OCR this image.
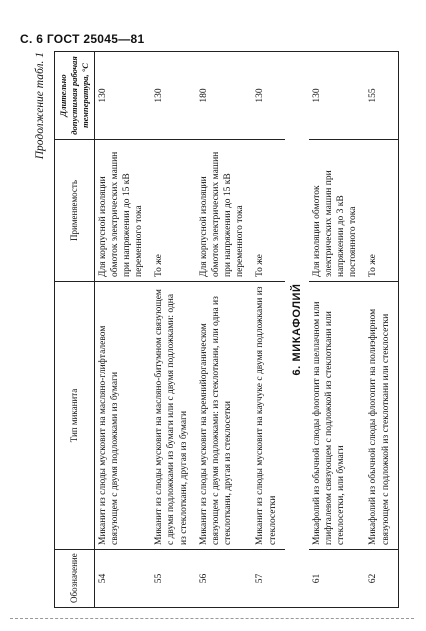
С. 6 ГОСТ 25045—81
Продолжение табл. 1
Обозначение	Тип миканита	Применяемость	Длительно допустимая рабочая температура, °С
54	Миканит из слюды мусковит на масляно-глифталевом связующем с двумя подложками из бумаги	Для корпусной изоляции обмоток электрических машин при напряжении до 15 кВ переменного тока	130
55	Миканит из слюды мусковит на масляно-битумном связующем с двумя подложками из бумаги или с двумя подложками: одна из стеклоткани, другая из бумаги	То же	130
56	Миканит из слюды мусковит на кремнийорганическом связующем с двумя подложками: из стеклоткани, или одна из стеклоткани, другая из стеклосетки	Для корпусной изоляции обмоток электрических машин при напряжении до 15 кВ переменного тока	180
57	Миканит из слюды мусковит на каучуке с двумя подложками из стеклосетки	То же	130
6. МИКАФОЛИЙ			
61	Микафолий из обычной слюды флогопит на шеллачном или глифталевом связующем с подложкой из стеклоткани или стеклосетки, или бумаги	Для изоляции обмоток электрических машин при напряжении до 3 кВ постоянного тока	130
62	Микафолий из обычной слюды флогопит на полиэфирном связующем с подложкой из стеклоткани или стеклосетки	То же	155
